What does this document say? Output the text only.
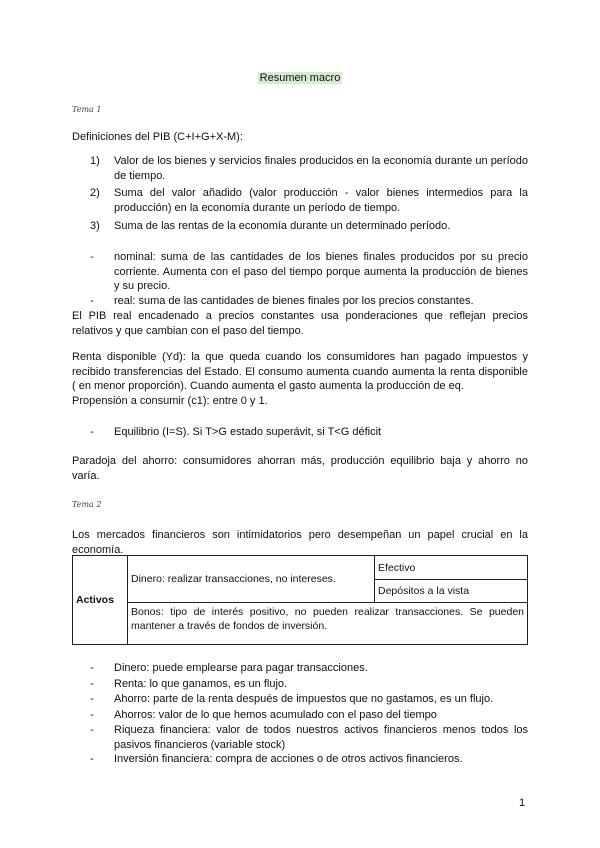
Resumen macro
Tema 1
Definiciones del PIB (C+I+G+X-M):
1) Valor de los bienes y servicios finales producidos en la economía durante un período de tiempo.
2) Suma del valor añadido (valor producción - valor bienes intermedios para la producción) en la economía durante un período de tiempo.
3) Suma de las rentas de la economía durante un determinado período.
- nominal: suma de las cantidades de los bienes finales producidos por su precio corriente. Aumenta con el paso del tiempo porque aumenta la producción de bienes y su precio.
- real: suma de las cantidades de bienes finales por los precios constantes.
El PIB real encadenado a precios constantes usa ponderaciones que reflejan precios relativos y que cambian con el paso del tiempo.
Renta disponible (Yd): la que queda cuando los consumidores han pagado impuestos y recibido transferencias del Estado. El consumo aumenta cuando aumenta la renta disponible ( en menor proporción). Cuando aumenta el gasto aumenta la producción de eq.
Propensión a consumir (c1): entre 0 y 1.
- Equilibrio (I=S). Si T>G estado superávit, si T<G déficit
Paradoja del ahorro: consumidores ahorran más, producción equilibrio baja y ahorro no varía.
Tema 2
Los mercados financieros son intimidatorios pero desempeñan un papel crucial en la economía.
Activos	Dinero: realizar transacciones, no intereses.	Efectivo
Depósitos a la vista
Bonos: tipo de interés positivo, no pueden realizar transacciones. Se pueden mantener a través de fondos de inversión.
- Dinero: puede emplearse para pagar transacciones.
- Renta: lo que ganamos, es un flujo.
- Ahorro: parte de la renta después de impuestos que no gastamos, es un flujo.
- Ahorros: valor de lo que hemos acumulado con el paso del tiempo
- Riqueza financiera: valor de todos nuestros activos financieros menos todos los pasivos financieros (variable stock)
- Inversión financiera: compra de acciones o de otros activos financieros.
1
